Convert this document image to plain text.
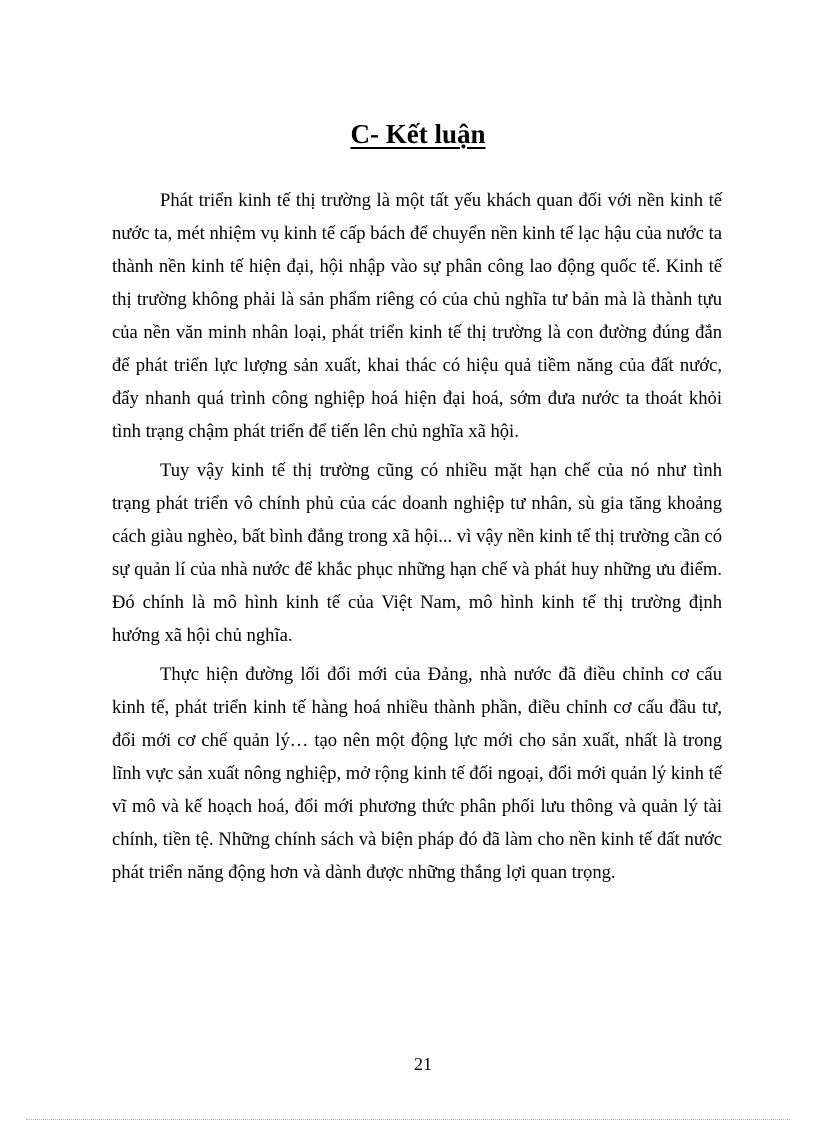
C- Kết luận

Phát triển kinh tế thị trường là một tất yếu khách quan đối với nền kinh tế nước ta, mét nhiệm vụ kinh tế cấp bách để chuyển nền kinh tế lạc hậu của nước ta thành nền kinh tế hiện đại, hội nhập vào sự phân công lao động quốc tế. Kinh tế thị trường không phải là sản phẩm riêng có của chủ nghĩa tư bản mà là thành tựu của nền văn minh nhân loại, phát triển kinh tế thị trường là con đường đúng đắn để phát triển lực lượng sản xuất, khai thác có hiệu quả tiềm năng của đất nước, đẩy nhanh quá trình công nghiệp hoá hiện đại hoá, sớm đưa nước ta thoát khỏi tình trạng chậm phát triển để tiến lên chủ nghĩa xã hội.

Tuy vậy kinh tế thị trường cũng có nhiều mặt hạn chế của nó như tình trạng phát triển vô chính phủ của các doanh nghiệp tư nhân, sù gia tăng khoảng cách giàu nghèo, bất bình đẳng trong xã hội... vì vậy nền kinh tế thị trường cần có sự quản lí của nhà nước để khắc phục những hạn chế và phát huy những ưu điểm. Đó chính là mô hình kinh tế của Việt Nam, mô hình kinh tế thị trường định hướng xã hội chủ nghĩa.

Thực hiện đường lối đổi mới của Đảng, nhà nước đã điều chỉnh cơ cấu kinh tế, phát triển kinh tế hàng hoá nhiều thành phần, điều chỉnh cơ cấu đầu tư, đổi mới cơ chế quản lý… tạo nên một động lực mới cho sản xuất, nhất là trong lĩnh vực sản xuất nông nghiệp, mở rộng kinh tế đối ngoại, đổi mới quản lý kinh tế vĩ mô và kế hoạch hoá, đổi mới phương thức phân phối lưu thông và quản lý tài chính, tiền tệ. Những chính sách và biện pháp đó đã làm cho nền kinh tế đất nước phát triển năng động hơn và dành được những thắng lợi quan trọng.

21
